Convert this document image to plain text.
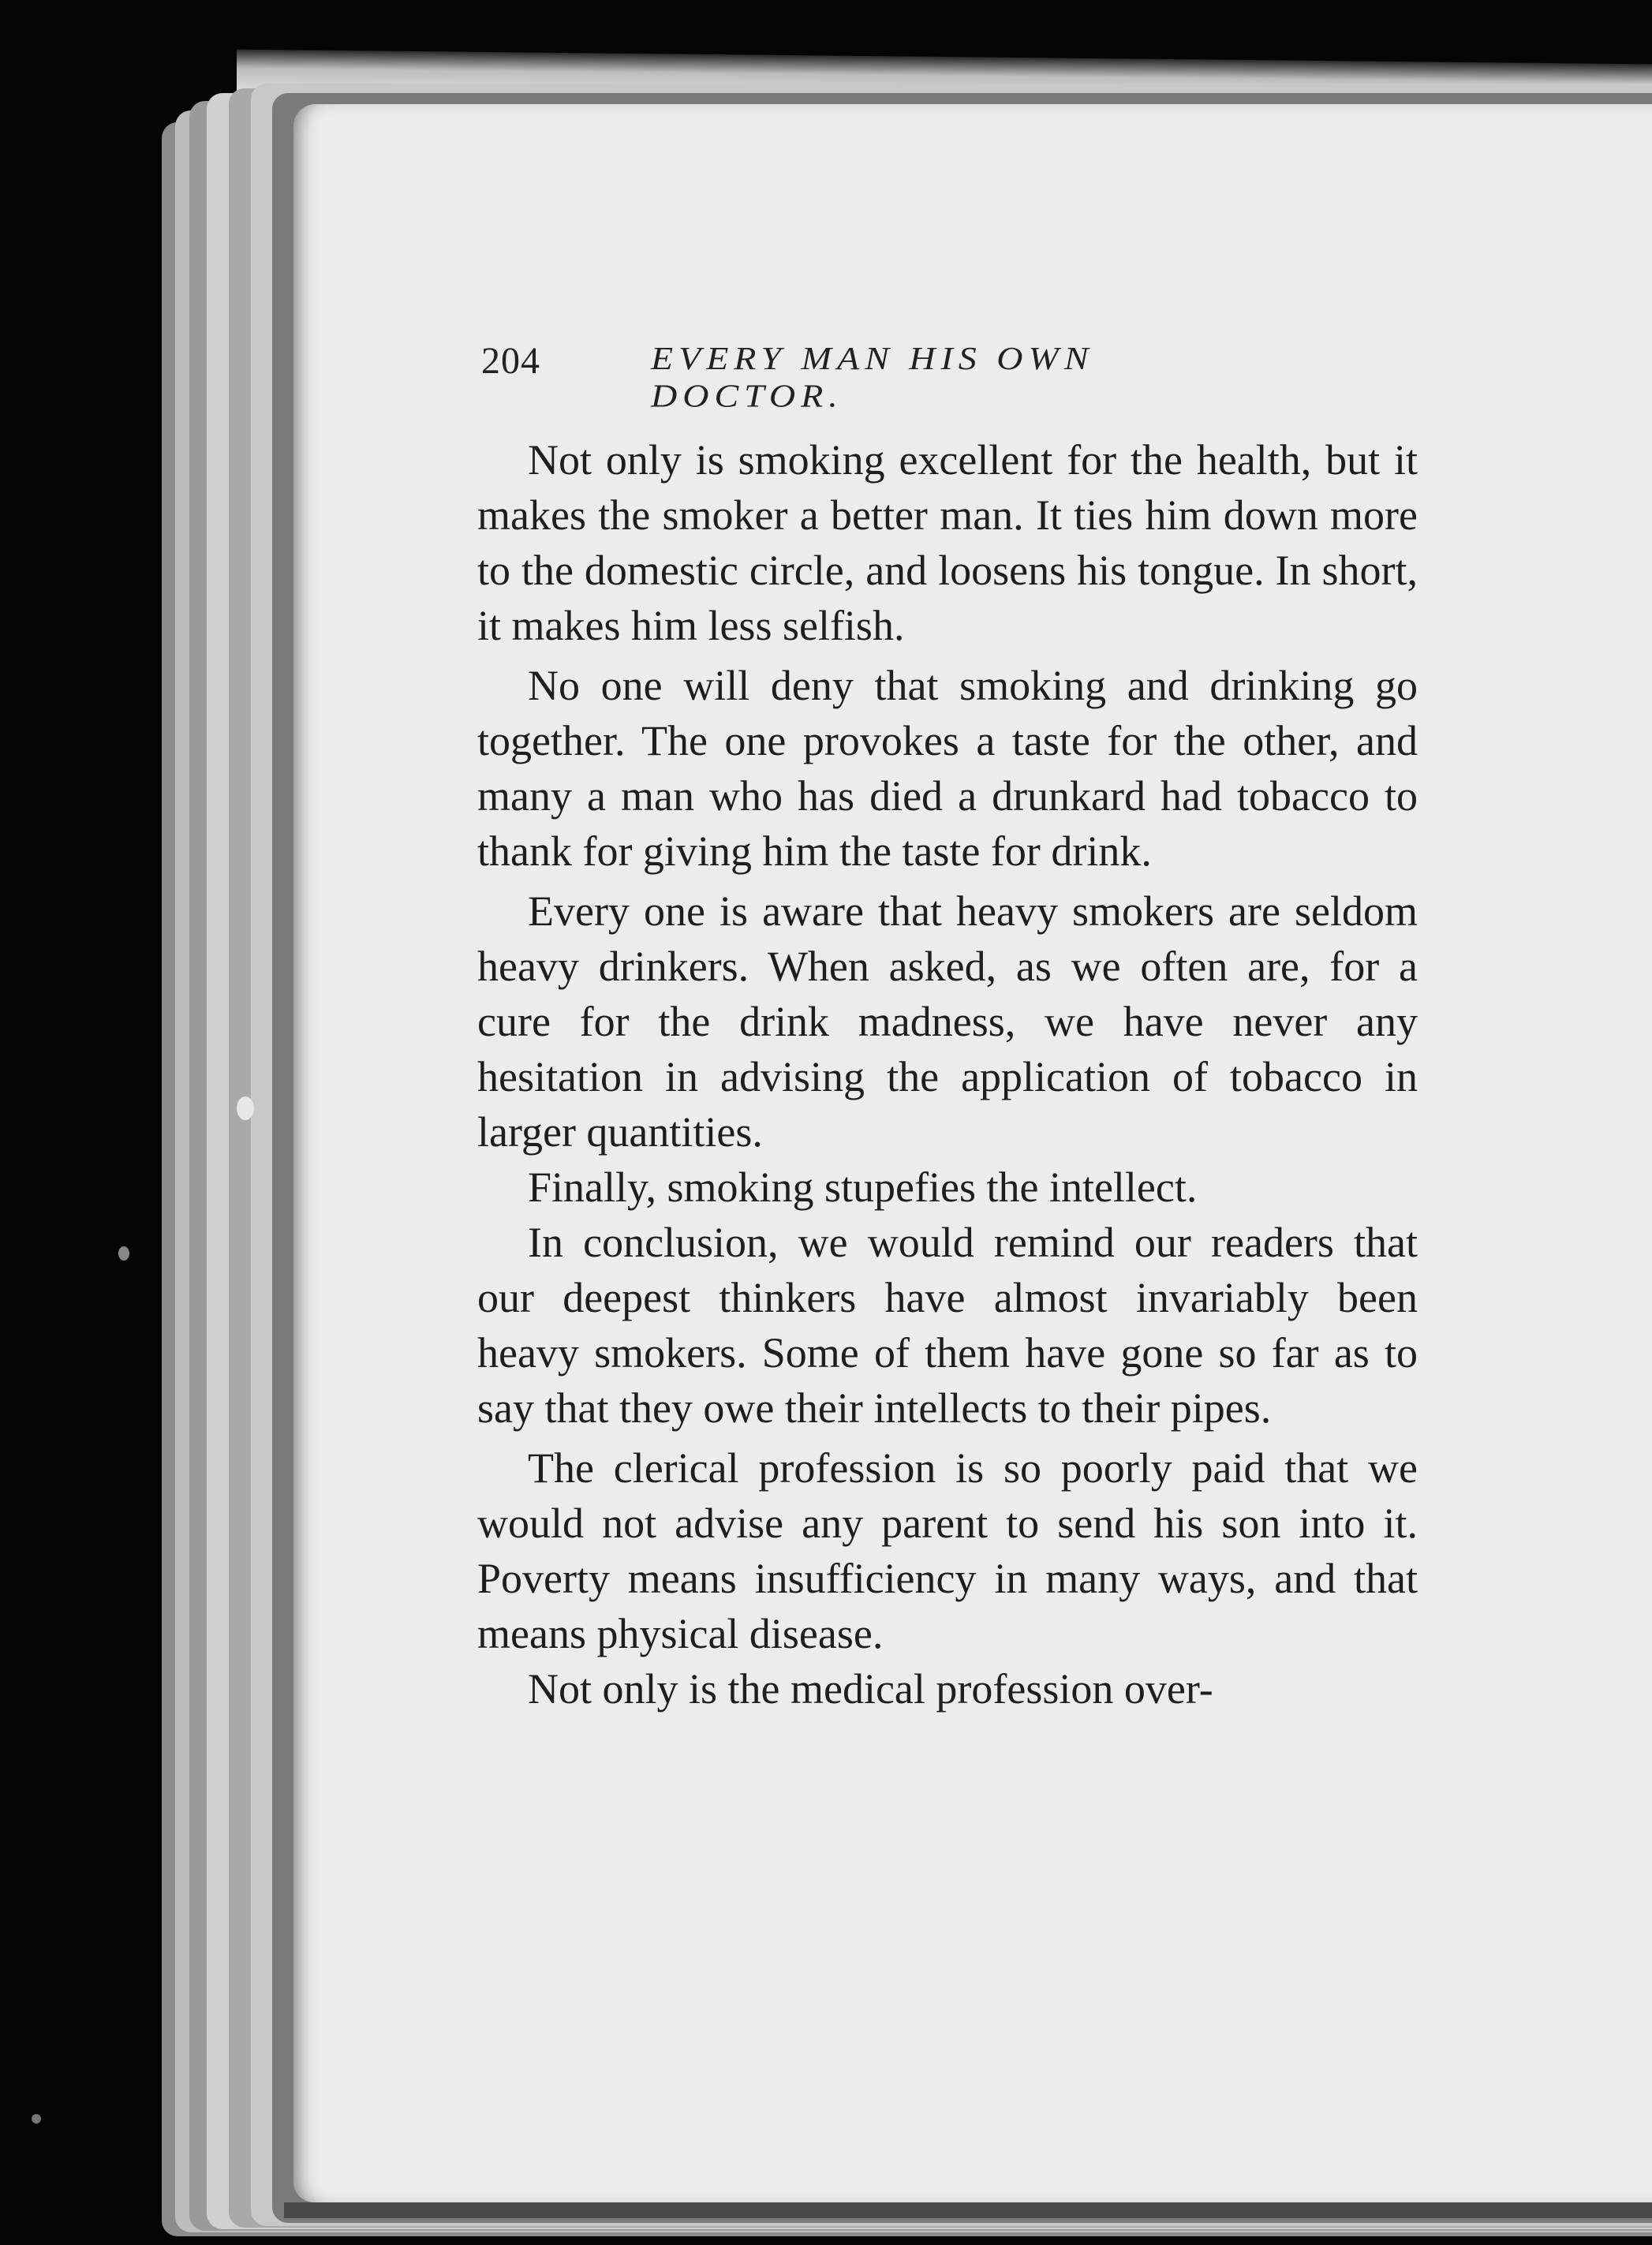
204	EVERY MAN HIS OWN DOCTOR.

Not only is smoking excellent for the health, but it makes the smoker a better man. It ties him down more to the domestic circle, and loosens his tongue. In short, it makes him less selfish.

No one will deny that smoking and drinking go together. The one provokes a taste for the other, and many a man who has died a drunkard had tobacco to thank for giving him the taste for drink.

Every one is aware that heavy smokers are seldom heavy drinkers. When asked, as we often are, for a cure for the drink madness, we have never any hesitation in advising the application of tobacco in larger quantities.

Finally, smoking stupefies the intellect.

In conclusion, we would remind our readers that our deepest thinkers have almost invariably been heavy smokers. Some of them have gone so far as to say that they owe their intellects to their pipes.

The clerical profession is so poorly paid that we would not advise any parent to send his son into it. Poverty means insufficiency in many ways, and that means physical disease.

Not only is the medical profession over-
